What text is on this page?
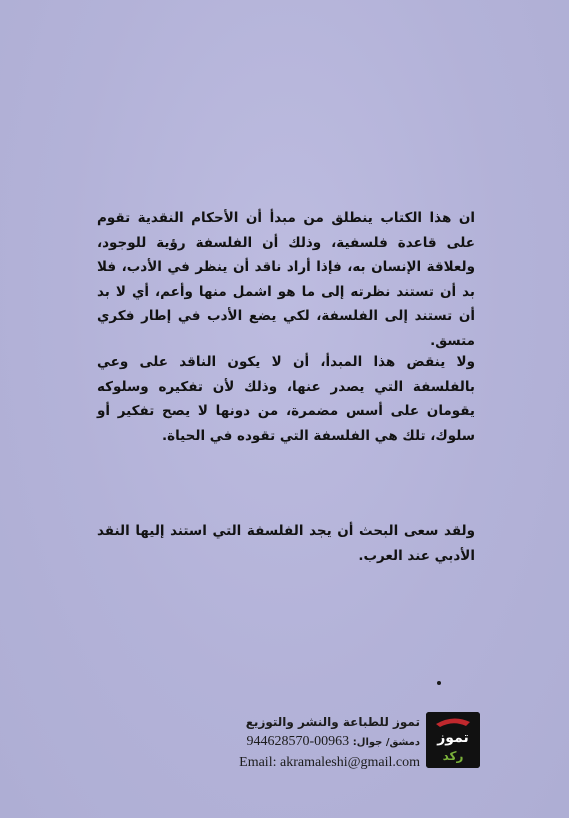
ان هذا الكتاب ينطلق من مبدأ أن الأحكام النقدية تقوم على قاعدة فلسفية، وذلك أن الفلسفة رؤية للوجود، ولعلاقة الإنسان به، فإذا أراد ناقد أن ينظر في الأدب، فلا بد أن تستند نظرته إلى ما هو اشمل منها وأعم، أي لا بد أن تستند إلى الفلسفة، لكي يضع الأدب في إطار فكري متسق.
ولا ينقض هذا المبدأ، أن لا يكون الناقد على وعي بالفلسفة التي يصدر عنها، وذلك لأن تفكيره وسلوكه يقومان على أسس مضمرة، من دونها لا يصح تفكير أو سلوك، تلك هي الفلسفة التي تقوده في الحياة.
ولقد سعى البحث أن يجد الفلسفة التي استند إليها النقد الأدبي عند العرب.
تموز
ركد
تموز للطباعة والنشر والتوزيع
دمشق/ جوال: 00963-944628570
Email: akramaleshi@gmail.com
